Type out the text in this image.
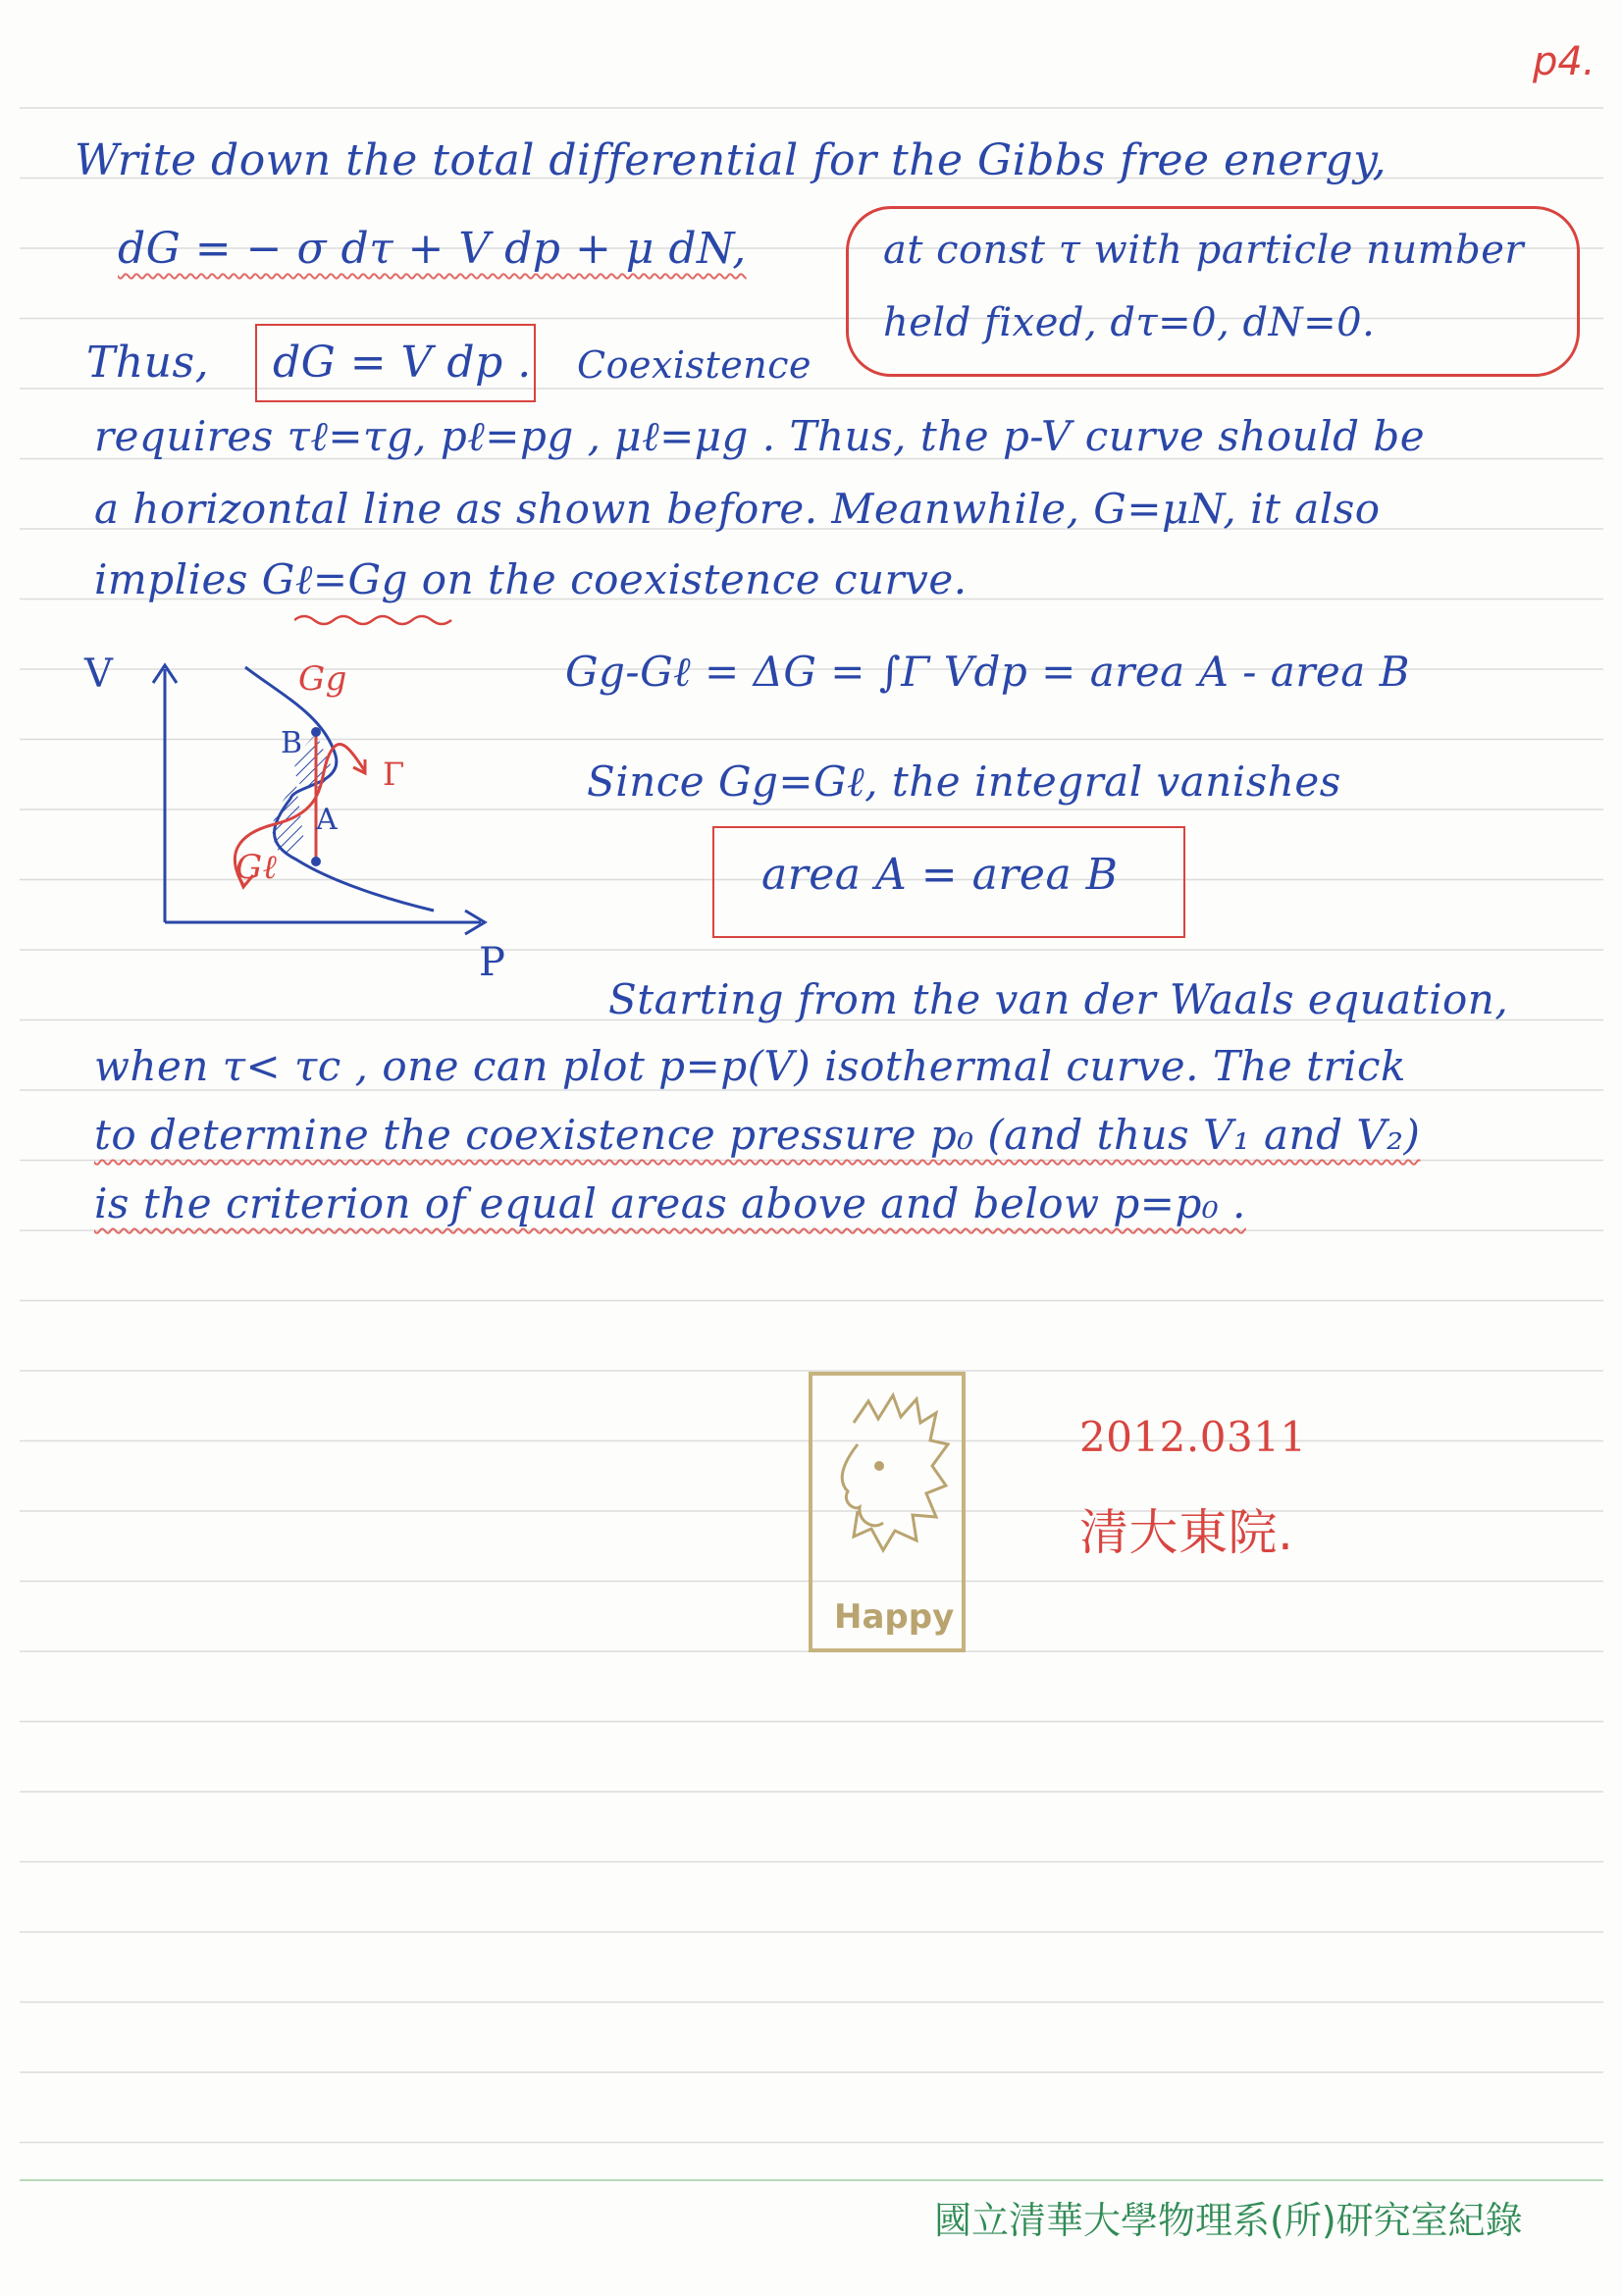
p4.
Write down the total differential for the Gibbs free energy,
dG = − σ dτ + V dp + μ dN,	at const τ with particle number
held fixed, dτ=0, dN=0.
Thus, dG = V dp . Coexistence
requires τℓ=τg, pℓ=pg , μℓ=μg . Thus, the p-V curve should be
a horizontal line as shown before. Meanwhile, G=μN, it also
implies Gℓ=Gg on the coexistence curve.
V
P
Gg
Gℓ
B
A
Γ
Gg-Gℓ = ΔG = ∫Γ Vdp = area A - area B
Since Gg=Gℓ, the integral vanishes
area A = area B
Starting from the van der Waals equation,
when τ< τc , one can plot p=p(V) isothermal curve. The trick
to determine the coexistence pressure p₀ (and thus V₁ and V₂)
is the criterion of equal areas above and below p=p₀ .
Happy
2012.0311
清大東院.
國立清華大學物理系(所)研究室紀錄
